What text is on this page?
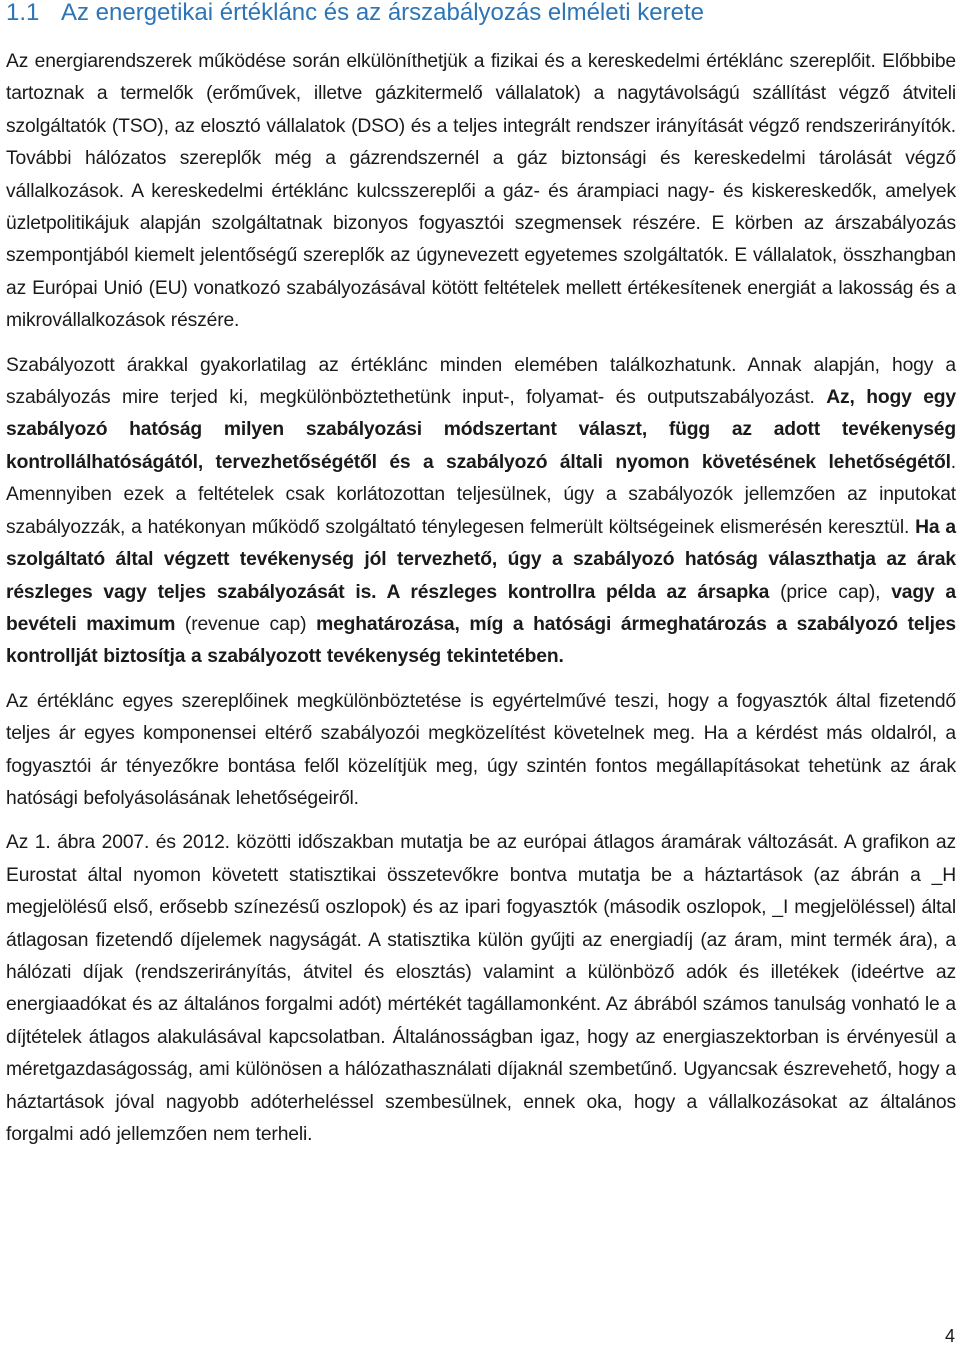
1.1 Az energetikai értéklánc és az árszabályozás elméleti kerete

Az energiarendszerek működése során elkülöníthetjük a fizikai és a kereskedelmi értéklánc szereplőit. Előbbibe tartoznak a termelők (erőművek, illetve gázkitermelő vállalatok) a nagytávolságú szállítást végző átviteli szolgáltatók (TSO), az elosztó vállalatok (DSO) és a teljes integrált rendszer irányítását végző rendszerirányítók. További hálózatos szereplők még a gázrendszernél a gáz biztonsági és kereskedelmi tárolását végző vállalkozások. A kereskedelmi értéklánc kulcsszereplői a gáz- és árampiaci nagy- és kiskereskedők, amelyek üzletpolitikájuk alapján szolgáltatnak bizonyos fogyasztói szegmensek részére. E körben az árszabályozás szempontjából kiemelt jelentőségű szereplők az úgynevezett egyetemes szolgáltatók. E vállalatok, összhangban az Európai Unió (EU) vonatkozó szabályozásával kötött feltételek mellett értékesítenek energiát a lakosság és a mikrovállalkozások részére.

Szabályozott árakkal gyakorlatilag az értéklánc minden elemében találkozhatunk. Annak alapján, hogy a szabályozás mire terjed ki, megkülönböztethetünk input-, folyamat- és outputszabályozást. Az, hogy egy szabályozó hatóság milyen szabályozási módszertant választ, függ az adott tevékenység kontrollálhatóságától, tervezhetőségétől és a szabályozó általi nyomon követésének lehetőségétől. Amennyiben ezek a feltételek csak korlátozottan teljesülnek, úgy a szabályozók jellemzően az inputokat szabályozzák, a hatékonyan működő szolgáltató ténylegesen felmerült költségeinek elismerésén keresztül. Ha a szolgáltató által végzett tevékenység jól tervezhető, úgy a szabályozó hatóság választhatja az árak részleges vagy teljes szabályozását is. A részleges kontrollra példa az ársapka (price cap), vagy a bevételi maximum (revenue cap) meghatározása, míg a hatósági ármeghatározás a szabályozó teljes kontrollját biztosítja a szabályozott tevékenység tekintetében.

Az értéklánc egyes szereplőinek megkülönböztetése is egyértelművé teszi, hogy a fogyasztók által fizetendő teljes ár egyes komponensei eltérő szabályozói megközelítést követelnek meg. Ha a kérdést más oldalról, a fogyasztói ár tényezőkre bontása felől közelítjük meg, úgy szintén fontos megállapításokat tehetünk az árak hatósági befolyásolásának lehetőségeiről.

Az 1. ábra 2007. és 2012. közötti időszakban mutatja be az európai átlagos áramárak változását. A grafikon az Eurostat által nyomon követett statisztikai összetevőkre bontva mutatja be a háztartások (az ábrán a _H megjelölésű első, erősebb színezésű oszlopok) és az ipari fogyasztók (második oszlopok, _I megjelöléssel) által átlagosan fizetendő díjelemek nagyságát. A statisztika külön gyűjti az energiadíj (az áram, mint termék ára), a hálózati díjak (rendszerirányítás, átvitel és elosztás) valamint a különböző adók és illetékek (ideértve az energiaadókat és az általános forgalmi adót) mértékét tagállamonként. Az ábrából számos tanulság vonható le a díjtételek átlagos alakulásával kapcsolatban. Általánosságban igaz, hogy az energiaszektorban is érvényesül a méretgazdaságosság, ami különösen a hálózathasználati díjaknál szembetűnő. Ugyancsak észrevehető, hogy a háztartások jóval nagyobb adóterheléssel szembesülnek, ennek oka, hogy a vállalkozásokat az általános forgalmi adó jellemzően nem terheli.

4
